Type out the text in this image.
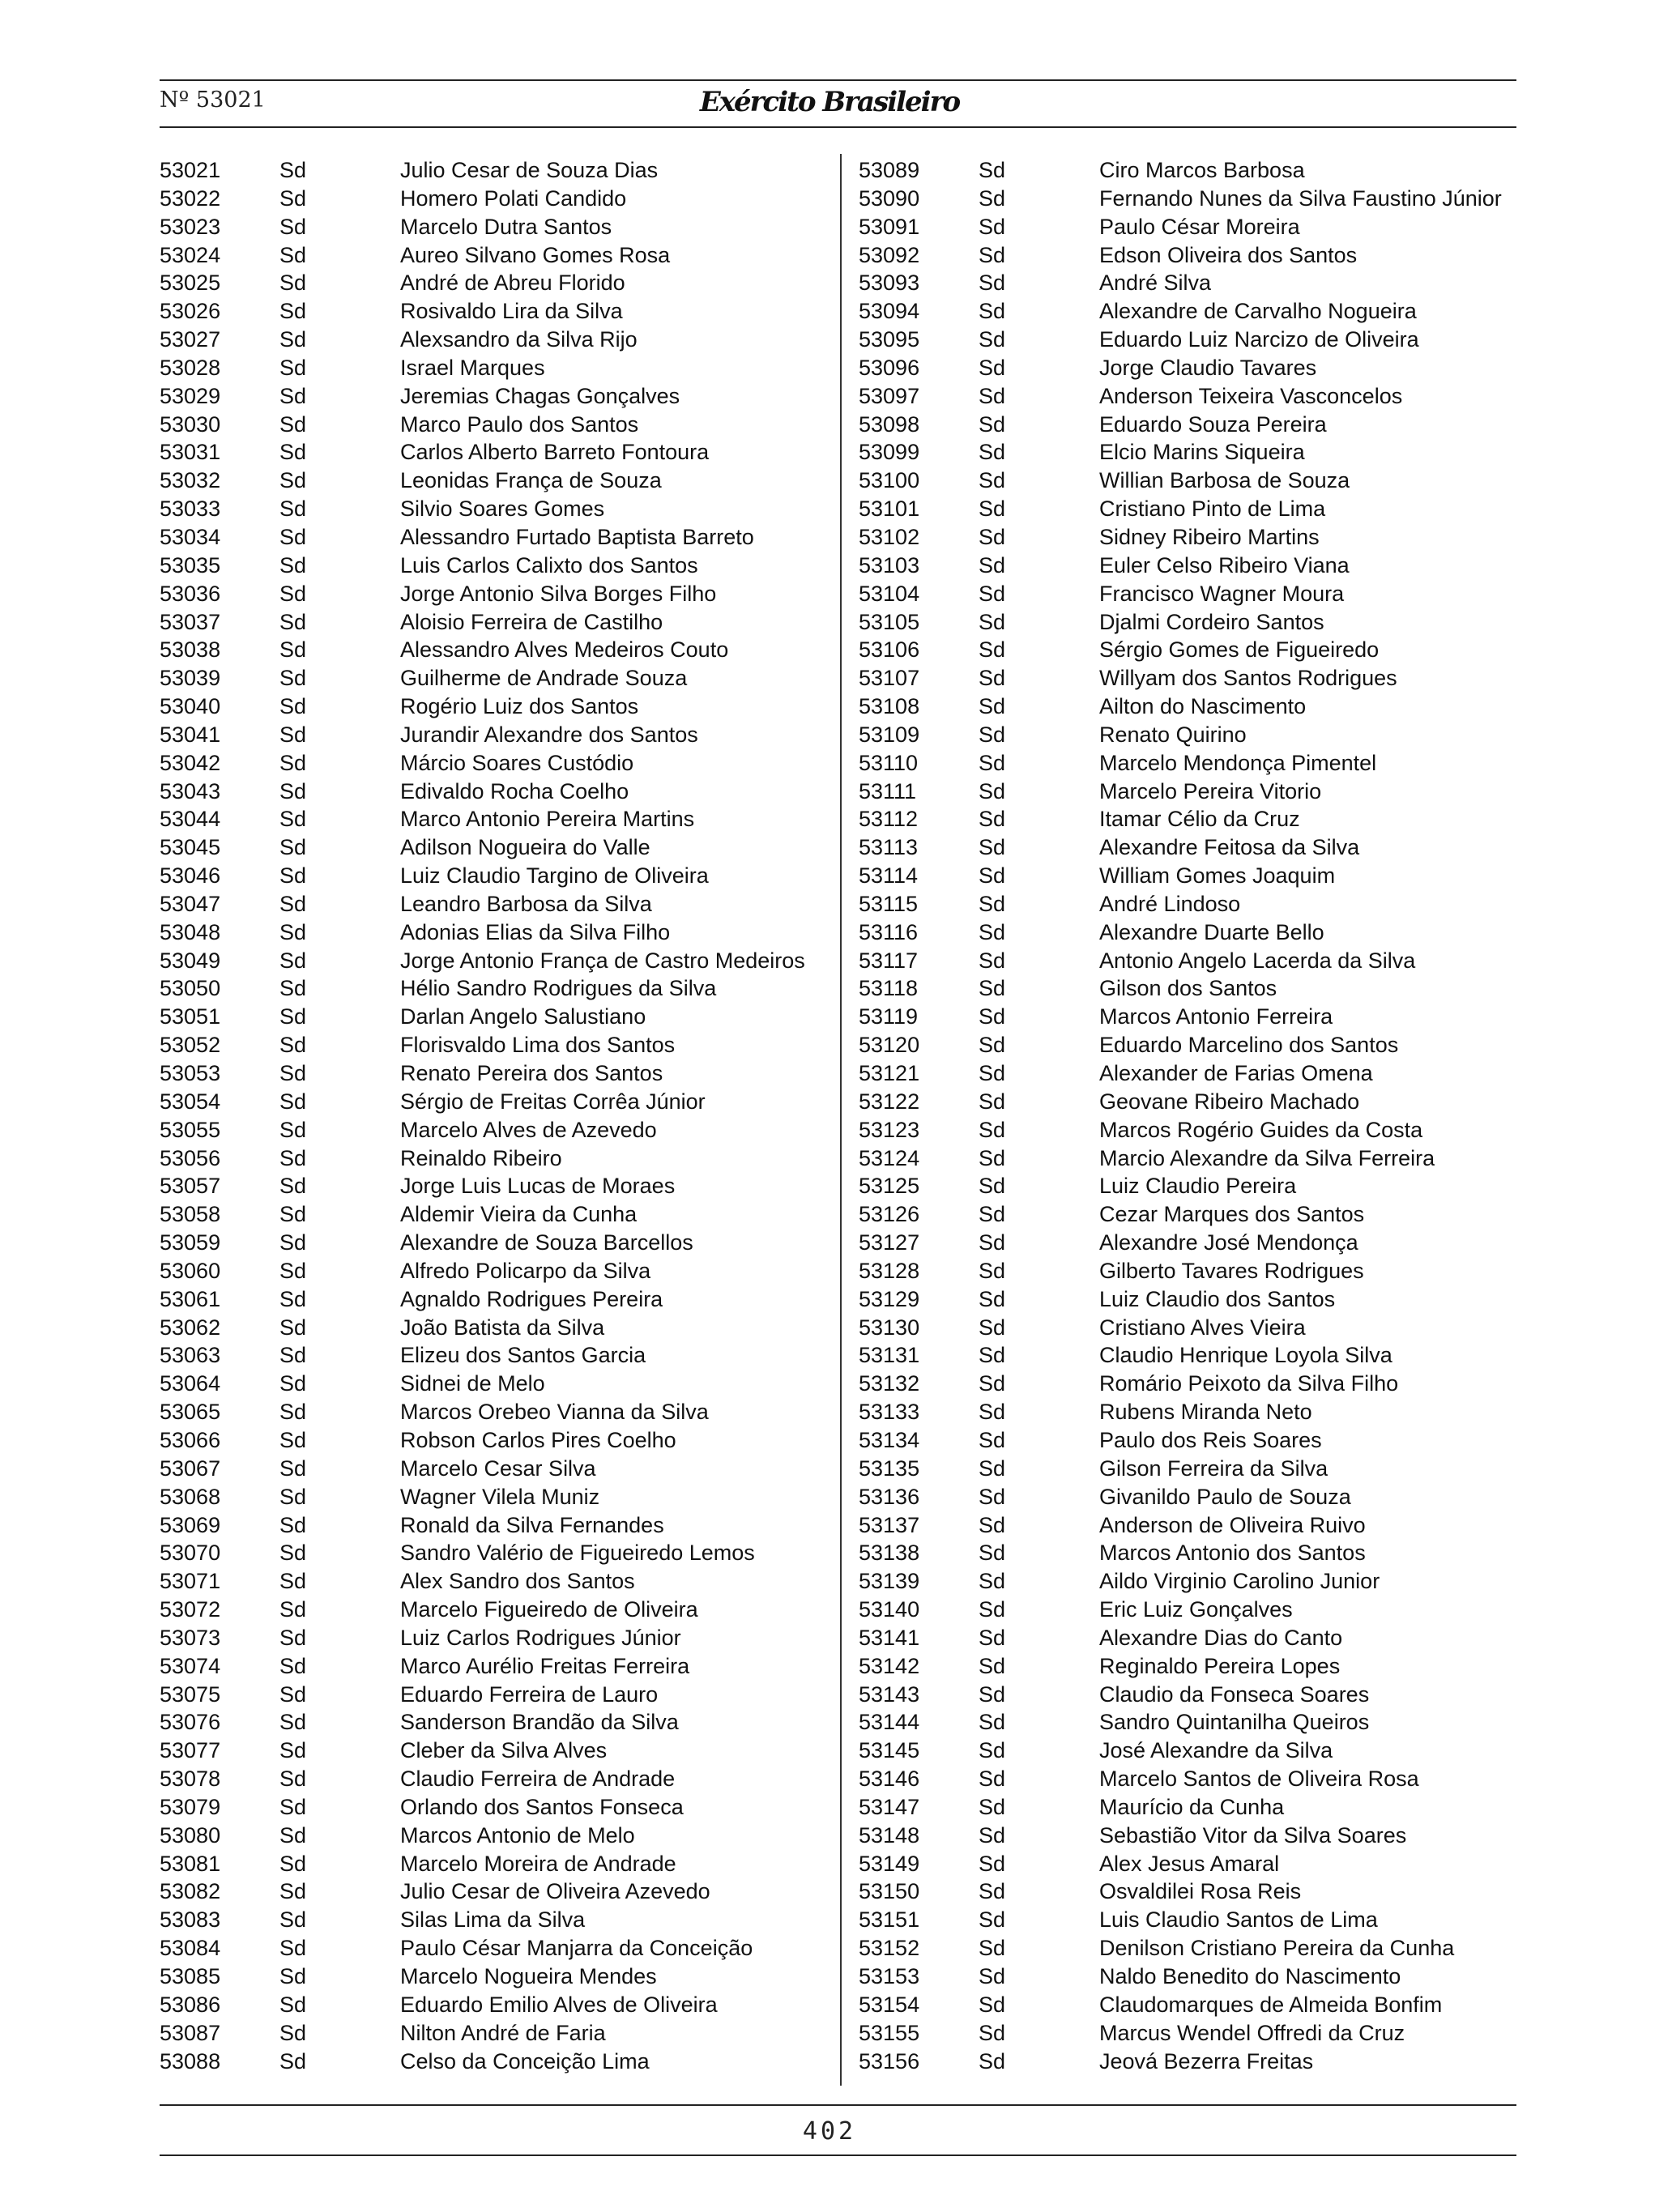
Nº 53021	Exército Brasileiro
53021	Sd	Julio Cesar de Souza Dias
53022	Sd	Homero Polati Candido
53023	Sd	Marcelo Dutra Santos
53024	Sd	Aureo Silvano Gomes Rosa
53025	Sd	André de Abreu Florido
53026	Sd	Rosivaldo Lira da Silva
53027	Sd	Alexsandro da Silva Rijo
53028	Sd	Israel Marques
53029	Sd	Jeremias Chagas Gonçalves
53030	Sd	Marco Paulo dos Santos
53031	Sd	Carlos Alberto Barreto Fontoura
53032	Sd	Leonidas França de Souza
53033	Sd	Silvio Soares Gomes
53034	Sd	Alessandro Furtado Baptista Barreto
53035	Sd	Luis Carlos Calixto dos Santos
53036	Sd	Jorge Antonio Silva Borges Filho
53037	Sd	Aloisio Ferreira de Castilho
53038	Sd	Alessandro Alves Medeiros Couto
53039	Sd	Guilherme de Andrade Souza
53040	Sd	Rogério Luiz dos Santos
53041	Sd	Jurandir Alexandre dos Santos
53042	Sd	Márcio Soares Custódio
53043	Sd	Edivaldo Rocha Coelho
53044	Sd	Marco Antonio Pereira Martins
53045	Sd	Adilson Nogueira do Valle
53046	Sd	Luiz Claudio Targino de Oliveira
53047	Sd	Leandro Barbosa da Silva
53048	Sd	Adonias Elias da Silva Filho
53049	Sd	Jorge Antonio França de Castro Medeiros
53050	Sd	Hélio Sandro Rodrigues da Silva
53051	Sd	Darlan Angelo Salustiano
53052	Sd	Florisvaldo Lima dos Santos
53053	Sd	Renato Pereira dos Santos
53054	Sd	Sérgio de Freitas Corrêa Júnior
53055	Sd	Marcelo Alves de Azevedo
53056	Sd	Reinaldo Ribeiro
53057	Sd	Jorge Luis Lucas de Moraes
53058	Sd	Aldemir Vieira da Cunha
53059	Sd	Alexandre de Souza Barcellos
53060	Sd	Alfredo Policarpo da Silva
53061	Sd	Agnaldo Rodrigues Pereira
53062	Sd	João Batista da Silva
53063	Sd	Elizeu dos Santos Garcia
53064	Sd	Sidnei de Melo
53065	Sd	Marcos Orebeo Vianna da Silva
53066	Sd	Robson Carlos Pires Coelho
53067	Sd	Marcelo Cesar Silva
53068	Sd	Wagner Vilela Muniz
53069	Sd	Ronald da Silva Fernandes
53070	Sd	Sandro Valério de Figueiredo Lemos
53071	Sd	Alex Sandro dos Santos
53072	Sd	Marcelo Figueiredo de Oliveira
53073	Sd	Luiz Carlos Rodrigues Júnior
53074	Sd	Marco Aurélio Freitas Ferreira
53075	Sd	Eduardo Ferreira de Lauro
53076	Sd	Sanderson Brandão da Silva
53077	Sd	Cleber da Silva Alves
53078	Sd	Claudio Ferreira de Andrade
53079	Sd	Orlando dos Santos Fonseca
53080	Sd	Marcos Antonio de Melo
53081	Sd	Marcelo Moreira de Andrade
53082	Sd	Julio Cesar de Oliveira Azevedo
53083	Sd	Silas Lima da Silva
53084	Sd	Paulo César Manjarra da Conceição
53085	Sd	Marcelo Nogueira Mendes
53086	Sd	Eduardo Emilio Alves de Oliveira
53087	Sd	Nilton André de Faria
53088	Sd	Celso da Conceição Lima
53089	Sd	Ciro Marcos Barbosa
53090	Sd	Fernando Nunes da Silva Faustino Júnior
53091	Sd	Paulo César Moreira
53092	Sd	Edson Oliveira dos Santos
53093	Sd	André Silva
53094	Sd	Alexandre de Carvalho Nogueira
53095	Sd	Eduardo Luiz Narcizo de Oliveira
53096	Sd	Jorge Claudio Tavares
53097	Sd	Anderson Teixeira Vasconcelos
53098	Sd	Eduardo Souza Pereira
53099	Sd	Elcio Marins Siqueira
53100	Sd	Willian Barbosa de Souza
53101	Sd	Cristiano Pinto de Lima
53102	Sd	Sidney Ribeiro Martins
53103	Sd	Euler Celso Ribeiro Viana
53104	Sd	Francisco Wagner Moura
53105	Sd	Djalmi Cordeiro Santos
53106	Sd	Sérgio Gomes de Figueiredo
53107	Sd	Willyam dos Santos Rodrigues
53108	Sd	Ailton do Nascimento
53109	Sd	Renato Quirino
53110	Sd	Marcelo Mendonça Pimentel
53111	Sd	Marcelo Pereira Vitorio
53112	Sd	Itamar Célio da Cruz
53113	Sd	Alexandre Feitosa da Silva
53114	Sd	William Gomes Joaquim
53115	Sd	André Lindoso
53116	Sd	Alexandre Duarte Bello
53117	Sd	Antonio Angelo Lacerda da Silva
53118	Sd	Gilson dos Santos
53119	Sd	Marcos Antonio Ferreira
53120	Sd	Eduardo Marcelino dos Santos
53121	Sd	Alexander de Farias Omena
53122	Sd	Geovane Ribeiro Machado
53123	Sd	Marcos Rogério Guides da Costa
53124	Sd	Marcio Alexandre da Silva Ferreira
53125	Sd	Luiz Claudio Pereira
53126	Sd	Cezar Marques dos Santos
53127	Sd	Alexandre José Mendonça
53128	Sd	Gilberto Tavares Rodrigues
53129	Sd	Luiz Claudio dos Santos
53130	Sd	Cristiano Alves Vieira
53131	Sd	Claudio Henrique Loyola Silva
53132	Sd	Romário Peixoto da Silva Filho
53133	Sd	Rubens Miranda Neto
53134	Sd	Paulo dos Reis Soares
53135	Sd	Gilson Ferreira da Silva
53136	Sd	Givanildo Paulo de Souza
53137	Sd	Anderson de Oliveira Ruivo
53138	Sd	Marcos Antonio dos Santos
53139	Sd	Aildo Virginio Carolino Junior
53140	Sd	Eric Luiz Gonçalves
53141	Sd	Alexandre Dias do Canto
53142	Sd	Reginaldo Pereira Lopes
53143	Sd	Claudio da Fonseca Soares
53144	Sd	Sandro Quintanilha Queiros
53145	Sd	José Alexandre da Silva
53146	Sd	Marcelo Santos de Oliveira Rosa
53147	Sd	Maurício da Cunha
53148	Sd	Sebastião Vitor da Silva Soares
53149	Sd	Alex Jesus Amaral
53150	Sd	Osvaldilei Rosa Reis
53151	Sd	Luis Claudio Santos de Lima
53152	Sd	Denilson Cristiano Pereira da Cunha
53153	Sd	Naldo Benedito do Nascimento
53154	Sd	Claudomarques de Almeida Bonfim
53155	Sd	Marcus Wendel Offredi da Cruz
53156	Sd	Jeová Bezerra Freitas
402
